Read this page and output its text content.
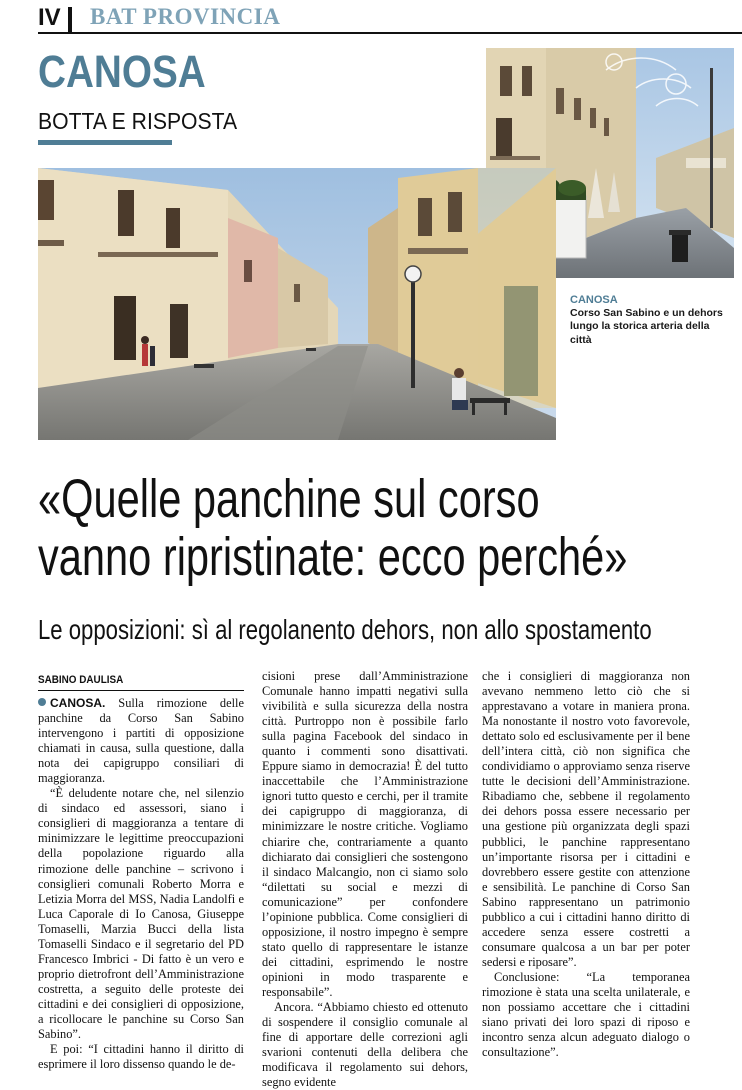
IV BAT PROVINCIA
CANOSA
BOTTA E RISPOSTA
CANOSA
Corso San Sabino e un dehors lungo la storica arteria della città
«Quelle panchine sul corso
vanno ripristinate: ecco perché»
Le opposizioni: sì al regolanento dehors, non allo spostamento
SABINO DAULISA

CANOSA. Sulla rimozione delle panchine da Corso San Sabino intervengono i partiti di opposizione chiamati in causa, sulla questione, dalla nota dei capigruppo consiliari di maggioranza.

“È deludente notare che, nel silenzio di sindaco ed assessori, siano i consiglieri di maggioranza a tentare di minimizzare le legittime preoccupazioni della popolazione riguardo alla rimozione delle panchine – scrivono i consiglieri comunali Roberto Morra e Letizia Morra del MSS, Nadia Landolfi e Luca Caporale di Io Canosa, Giuseppe Tomaselli, Marzia Bucci della lista Tomaselli Sindaco e il segretario del PD Francesco Imbrici - Di fatto è un vero e proprio dietrofront dell’Amministrazione costretta, a seguito delle proteste dei cittadini e dei consiglieri di opposizione, a ricollocare le panchine su Corso San Sabino”.

E poi: “I cittadini hanno il diritto di esprimere il loro dissenso quando le de-

cisioni prese dall’Amministrazione Comunale hanno impatti negativi sulla vivibilità e sulla sicurezza della nostra città. Purtroppo non è possibile farlo sulla pagina Facebook del sindaco in quanto i commenti sono disattivati. Eppure siamo in democrazia! È del tutto inaccettabile che l’Amministrazione ignori tutto questo e cerchi, per il tramite dei capigruppo di maggioranza, di minimizzare le nostre critiche. Vogliamo chiarire che, contrariamente a quanto dichiarato dai consiglieri che sostengono il sindaco Malcangio, non ci siamo solo “dilettati su social e mezzi di comunicazione” per confondere l’opinione pubblica. Come consiglieri di opposizione, il nostro impegno è sempre stato quello di rappresentare le istanze dei cittadini, esprimendo le nostre opinioni in modo trasparente e responsabile”.

Ancora. “Abbiamo chiesto ed ottenuto di sospendere il consiglio comunale al fine di apportare delle correzioni agli svarioni contenuti della delibera che modificava il regolamento sui dehors, segno evidente

che i consiglieri di maggioranza non avevano nemmeno letto ciò che si apprestavano a votare in maniera prona. Ma nonostante il nostro voto favorevole, dettato solo ed esclusivamente per il bene dell’intera città, ciò non significa che condividiamo o approviamo senza riserve tutte le decisioni dell’Amministrazione. Ribadiamo che, sebbene il regolamento dei dehors possa essere necessario per una gestione più organizzata degli spazi pubblici, le panchine rappresentano un’importante risorsa per i cittadini e dovrebbero essere gestite con attenzione e sensibilità. Le panchine di Corso San Sabino rappresentano un patrimonio pubblico a cui i cittadini hanno diritto di accedere senza essere costretti a consumare qualcosa a un bar per poter sedersi e riposare”.

Conclusione: “La temporanea rimozione è stata una scelta unilaterale, e non possiamo accettare che i cittadini siano privati dei loro spazi di riposo e incontro senza alcun adeguato dialogo o consultazione”.
